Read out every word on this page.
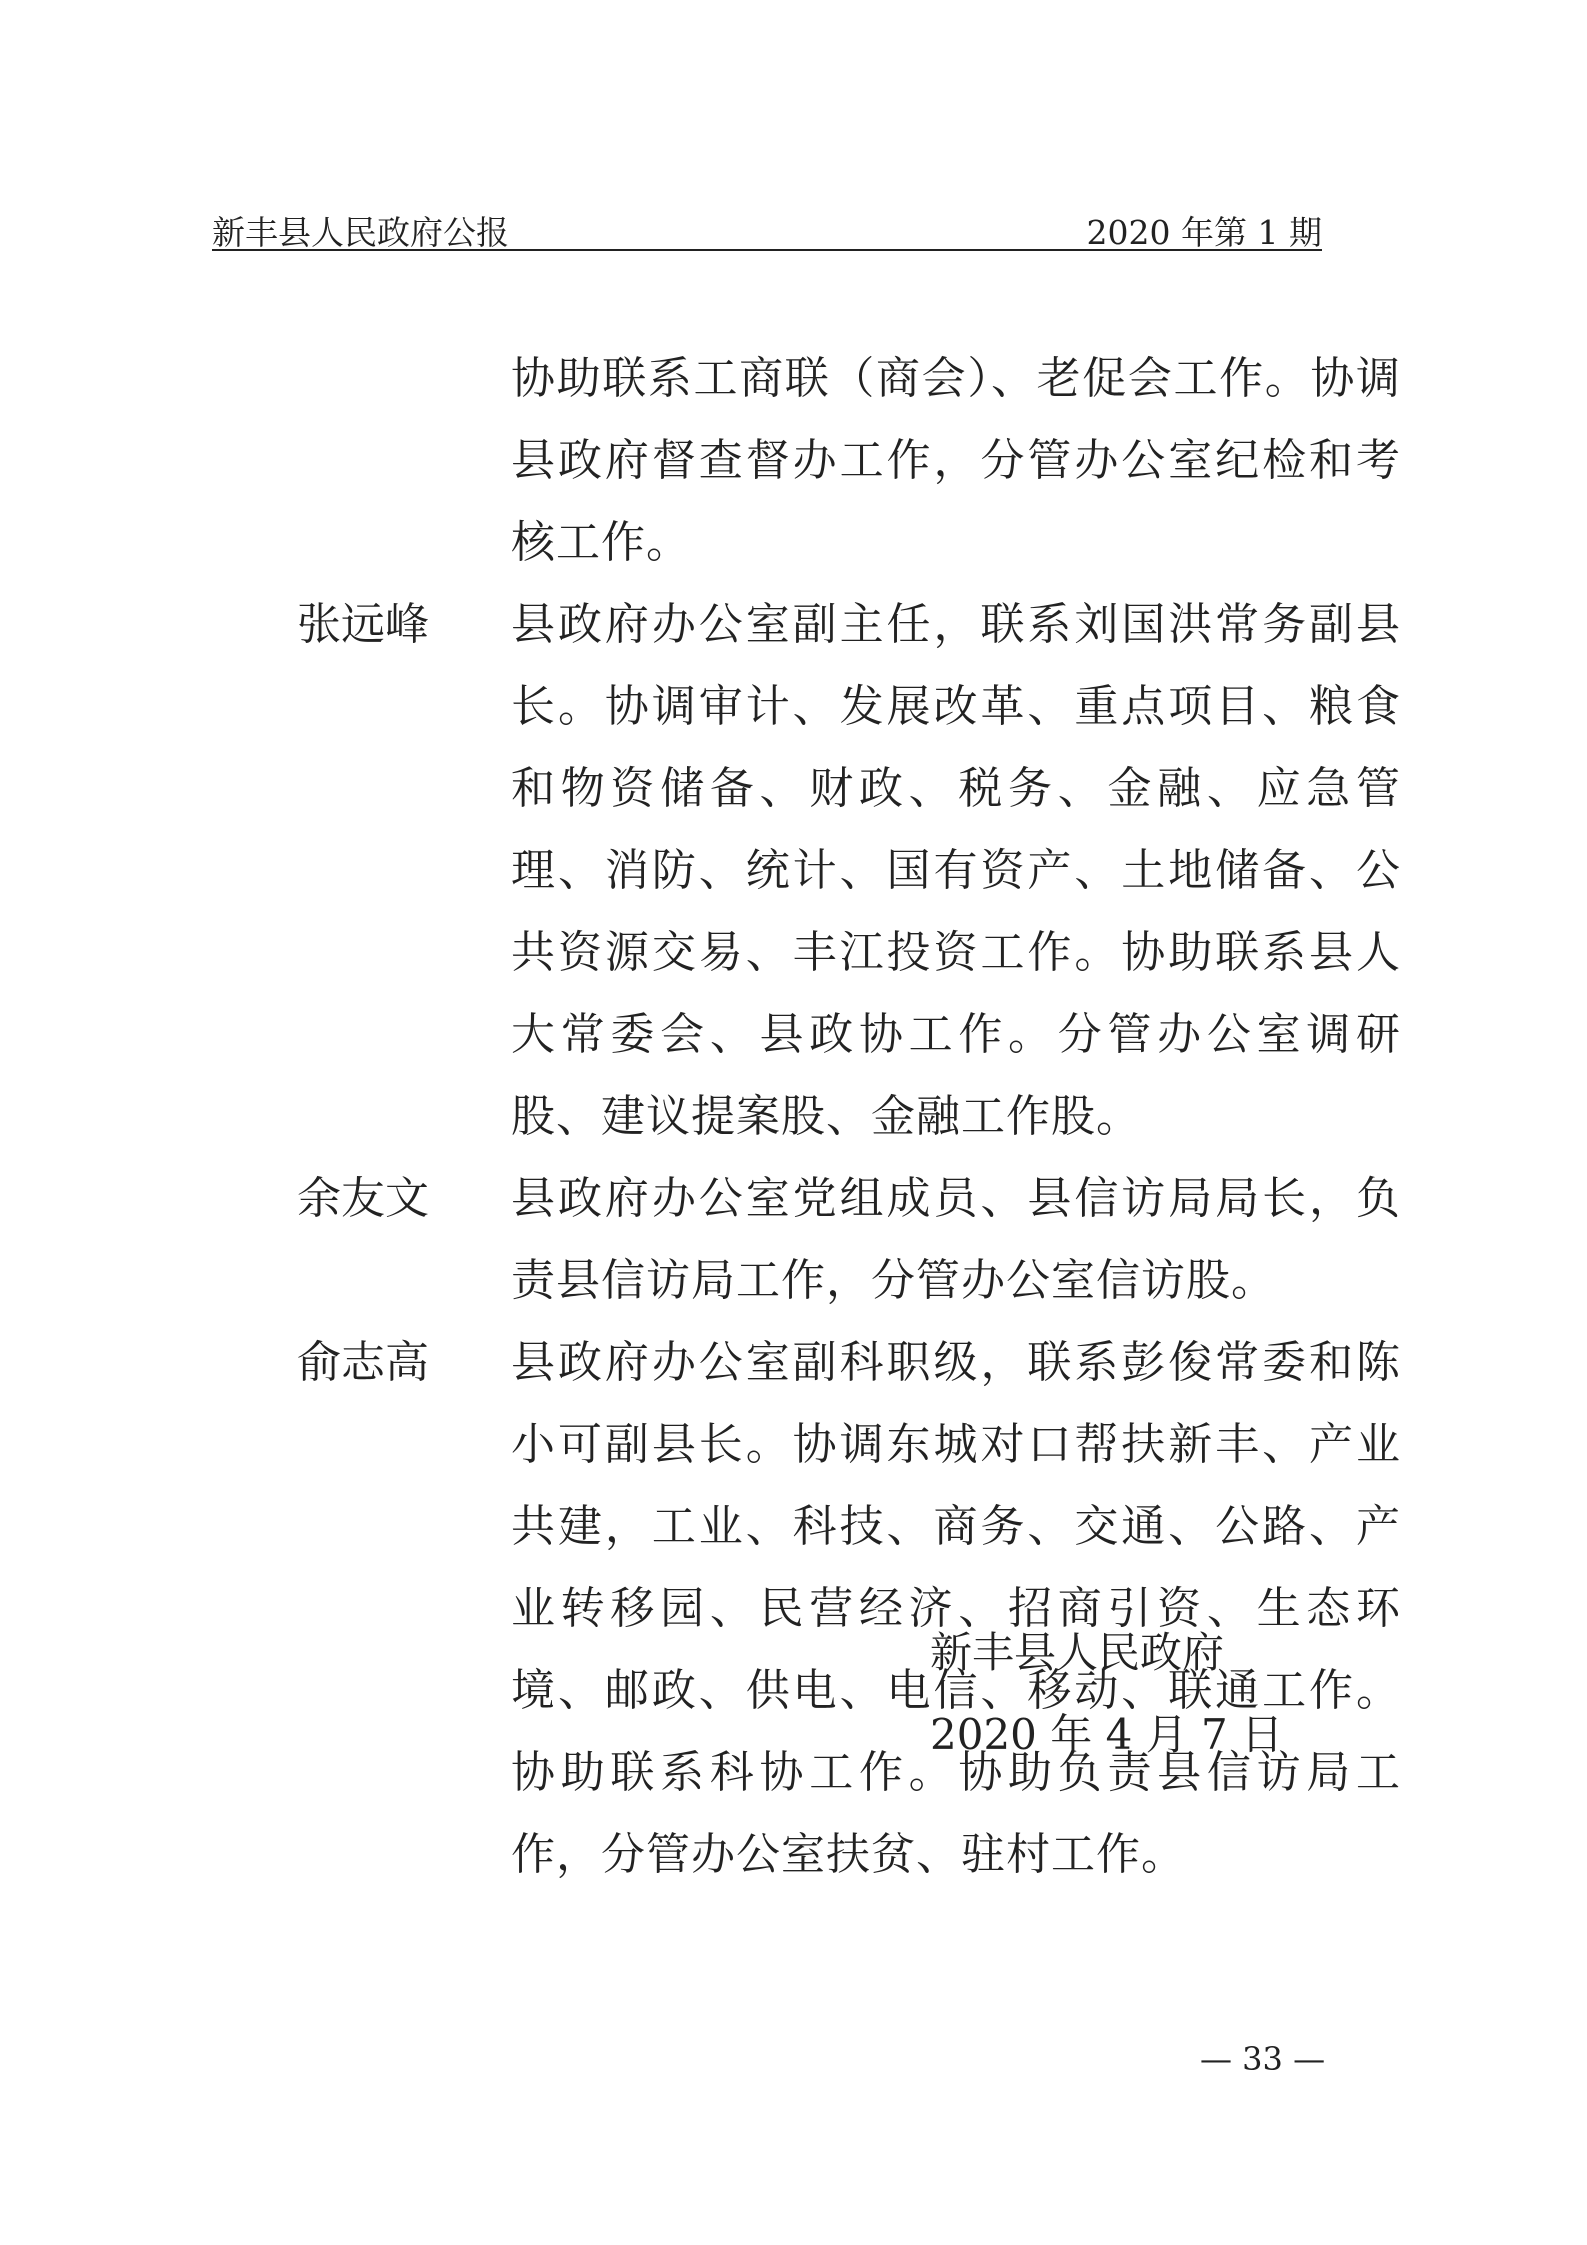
新丰县人民政府公报	2020 年第 1 期
协助联系工商联（商会）、老促会工作。协调县政府督查督办工作，分管办公室纪检和考核工作。
张远峰 县政府办公室副主任，联系刘国洪常务副县长。协调审计、发展改革、重点项目、粮食和物资储备、财政、税务、金融、应急管理、消防、统计、国有资产、土地储备、公共资源交易、丰江投资工作。协助联系县人大常委会、县政协工作。分管办公室调研股、建议提案股、金融工作股。
余友文 县政府办公室党组成员、县信访局局长，负责县信访局工作，分管办公室信访股。
俞志高 县政府办公室副科职级，联系彭俊常委和陈小可副县长。协调东城对口帮扶新丰、产业共建，工业、科技、商务、交通、公路、产业转移园、民营经济、招商引资、生态环境、邮政、供电、电信、移动、联通工作。协助联系科协工作。协助负责县信访局工作，分管办公室扶贫、驻村工作。
新丰县人民政府
2020 年 4 月 7 日
— 33 —
